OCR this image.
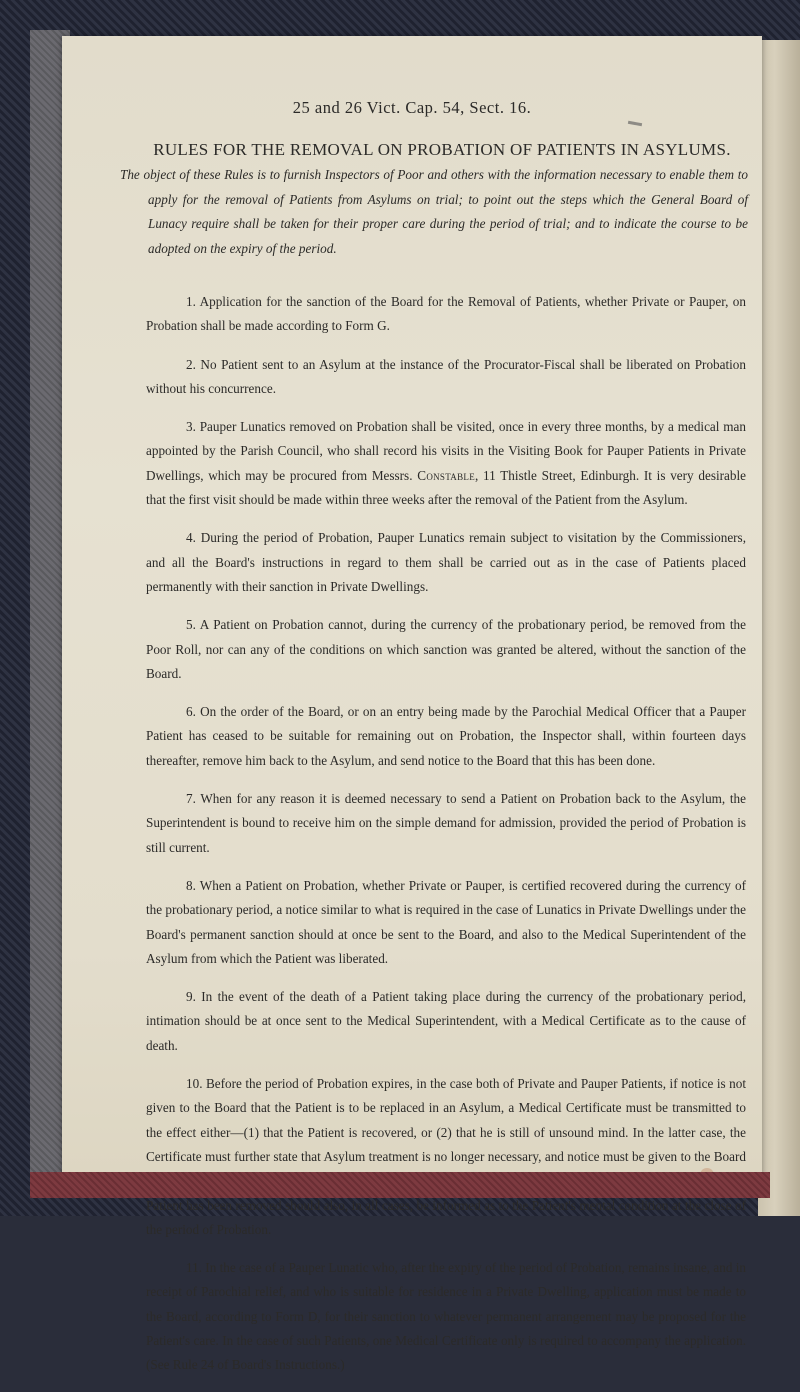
25 and 26 Vict. Cap. 54, Sect. 16.
RULES FOR THE REMOVAL ON PROBATION OF PATIENTS IN ASYLUMS.
The object of these Rules is to furnish Inspectors of Poor and others with the information necessary to enable them to apply for the removal of Patients from Asylums on trial; to point out the steps which the General Board of Lunacy require shall be taken for their proper care during the period of trial; and to indicate the course to be adopted on the expiry of the period.

1. Application for the sanction of the Board for the Removal of Patients, whether Private or Pauper, on Probation shall be made according to Form G.

2. No Patient sent to an Asylum at the instance of the Procurator-Fiscal shall be liberated on Probation without his concurrence.

3. Pauper Lunatics removed on Probation shall be visited, once in every three months, by a medical man appointed by the Parish Council, who shall record his visits in the Visiting Book for Pauper Patients in Private Dwellings, which may be procured from Messrs. Constable, 11 Thistle Street, Edinburgh. It is very desirable that the first visit should be made within three weeks after the removal of the Patient from the Asylum.

4. During the period of Probation, Pauper Lunatics remain subject to visitation by the Commissioners, and all the Board's instructions in regard to them shall be carried out as in the case of Patients placed permanently with their sanction in Private Dwellings.

5. A Patient on Probation cannot, during the currency of the probationary period, be removed from the Poor Roll, nor can any of the conditions on which sanction was granted be altered, without the sanction of the Board.

6. On the order of the Board, or on an entry being made by the Parochial Medical Officer that a Pauper Patient has ceased to be suitable for remaining out on Probation, the Inspector shall, within fourteen days thereafter, remove him back to the Asylum, and send notice to the Board that this has been done.

7. When for any reason it is deemed necessary to send a Patient on Probation back to the Asylum, the Superintendent is bound to receive him on the simple demand for admission, provided the period of Probation is still current.

8. When a Patient on Probation, whether Private or Pauper, is certified recovered during the currency of the probationary period, a notice similar to what is required in the case of Lunatics in Private Dwellings under the Board's permanent sanction should at once be sent to the Board, and also to the Medical Superintendent of the Asylum from which the Patient was liberated.

9. In the event of the death of a Patient taking place during the currency of the probationary period, intimation should be at once sent to the Medical Superintendent, with a Medical Certificate as to the cause of death.

10. Before the period of Probation expires, in the case both of Private and Pauper Patients, if notice is not given to the Board that the Patient is to be replaced in an Asylum, a Medical Certificate must be transmitted to the effect either—(1) that the Patient is recovered, or (2) that he is still of unsound mind. In the latter case, the Certificate must further state that Asylum treatment is no longer necessary, and notice must be given to the Board Patient has been removed should also, in all cases, be informed as to the Patient's mental condition at the close of the period of Probation.

11. In the case of a Pauper Lunatic who, after the expiry of the period of Probation, remains insane, and in receipt of Parochial relief, and who is suitable for residence in a Private Dwelling, application must be made to the Board, according to Form D, for their sanction to whatever permanent arrangement may be proposed for the Patient's care. In the case of such Patients, one Medical Certificate only is required to accompany the application. (See Rule 24 of Board's Instructions.)
